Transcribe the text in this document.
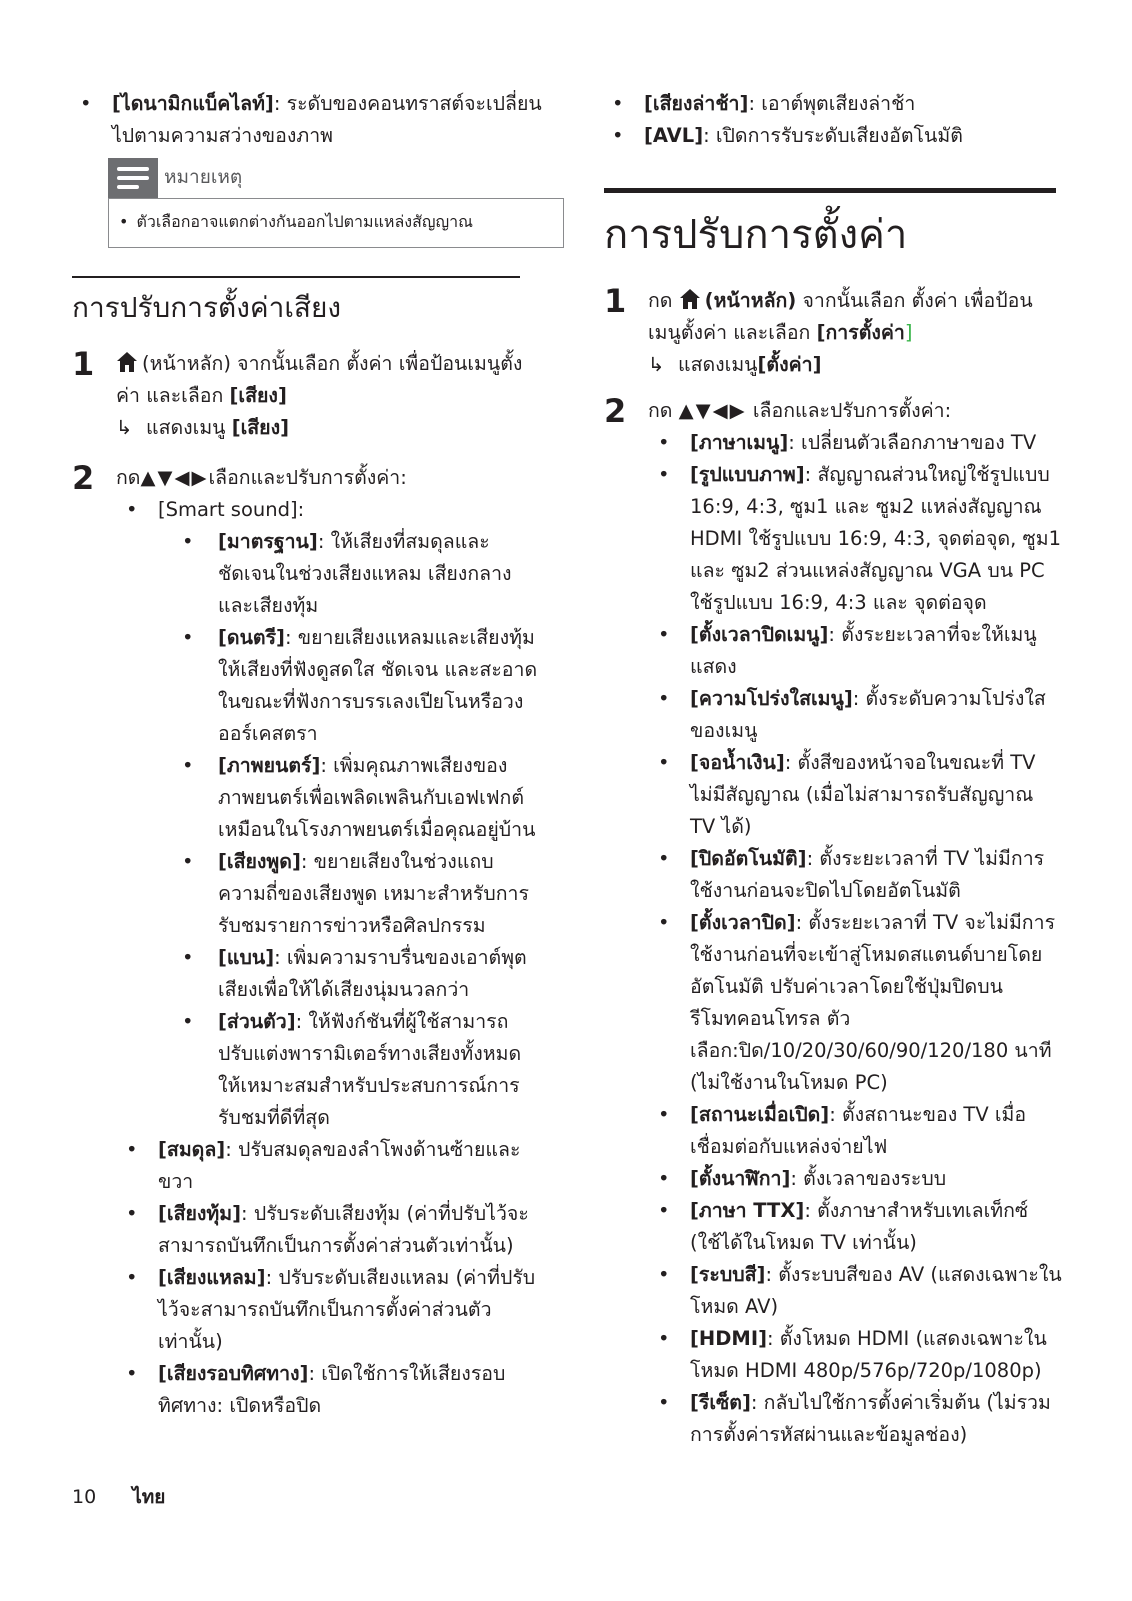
• [ไดนามิกแบ็คไลท์]: ระดับของคอนทราสต์จะเปลี่ยนไปตามความสว่างของภาพ
หมายเหตุ
• ตัวเลือกอาจแตกต่างกันออกไปตามแหล่งสัญญาณ
การปรับการตั้งค่าเสียง
1	(หน้าหลัก) จากนั้นเลือก ตั้งค่า เพื่อป้อนเมนูตั้งค่า และเลือก [เสียง]
↳ แสดงเมนู [เสียง]
2 กด▲▼◀▶เลือกและปรับการตั้งค่า:
• [Smart sound]:
• [มาตรฐาน]: ให้เสียงที่สมดุลและชัดเจนในช่วงเสียงแหลม เสียงกลาง และเสียงทุ้ม
• [ดนตรี]: ขยายเสียงแหลมและเสียงทุ้ม ให้เสียงที่ฟังดูสดใส ชัดเจน และสะอาดในขณะที่ฟังการบรรเลงเปียโนหรือวงออร์เคสตรา
• [ภาพยนตร์]: เพิ่มคุณภาพเสียงของภาพยนตร์เพื่อเพลิดเพลินกับเอฟเฟกต์เหมือนในโรงภาพยนตร์เมื่อคุณอยู่บ้าน
• [เสียงพูด]: ขยายเสียงในช่วงแถบความถี่ของเสียงพูด เหมาะสำหรับการรับชมรายการข่าวหรือศิลปกรรม
• [แบน]: เพิ่มความราบรื่นของเอาต์พุตเสียงเพื่อให้ได้เสียงนุ่มนวลกว่า
• [ส่วนตัว]: ให้ฟังก์ชันที่ผู้ใช้สามารถปรับแต่งพารามิเตอร์ทางเสียงทั้งหมดให้เหมาะสมสำหรับประสบการณ์การรับชมที่ดีที่สุด
• [สมดุล]: ปรับสมดุลของลำโพงด้านซ้ายและขวา
• [เสียงทุ้ม]: ปรับระดับเสียงทุ้ม (ค่าที่ปรับไว้จะสามารถบันทึกเป็นการตั้งค่าส่วนตัวเท่านั้น)
• [เสียงแหลม]: ปรับระดับเสียงแหลม (ค่าที่ปรับไว้จะสามารถบันทึกเป็นการตั้งค่าส่วนตัวเท่านั้น)
• [เสียงรอบทิศทาง]: เปิดใช้การให้เสียงรอบทิศทาง: เปิดหรือปิด
• [เสียงล่าช้า]: เอาต์พุตเสียงล่าช้า
• [AVL]: เปิดการรับระดับเสียงอัตโนมัติ
การปรับการตั้งค่า
1 กด (หน้าหลัก) จากนั้นเลือก ตั้งค่า เพื่อป้อนเมนูตั้งค่า และเลือก [การตั้งค่า]
↳ แสดงเมนู[ตั้งค่า]
2 กด ▲▼◀▶ เลือกและปรับการตั้งค่า:
• [ภาษาเมนู]: เปลี่ยนตัวเลือกภาษาของ TV
• [รูปแบบภาพ]: สัญญาณส่วนใหญ่ใช้รูปแบบ 16:9, 4:3, ซูม1 และ ซูม2 แหล่งสัญญาณ HDMI ใช้รูปแบบ 16:9, 4:3, จุดต่อจุด, ซูม1 และ ซูม2 ส่วนแหล่งสัญญาณ VGA บน PC ใช้รูปแบบ 16:9, 4:3 และ จุดต่อจุด
• [ตั้งเวลาปิดเมนู]: ตั้งระยะเวลาที่จะให้เมนูแสดง
• [ความโปร่งใสเมนู]: ตั้งระดับความโปร่งใสของเมนู
• [จอน้ำเงิน]: ตั้งสีของหน้าจอในขณะที่ TV ไม่มีสัญญาณ (เมื่อไม่สามารถรับสัญญาณ TV ได้)
• [ปิดอัตโนมัติ]: ตั้งระยะเวลาที่ TV ไม่มีการใช้งานก่อนจะปิดไปโดยอัตโนมัติ
• [ตั้งเวลาปิด]: ตั้งระยะเวลาที่ TV จะไม่มีการใช้งานก่อนที่จะเข้าสู่โหมดสแตนด์บายโดยอัตโนมัติ ปรับค่าเวลาโดยใช้ปุ่มปิดบนรีโมทคอนโทรล ตัวเลือก:ปิด/10/20/30/60/90/120/180 นาที (ไม่ใช้งานในโหมด PC)
• [สถานะเมื่อเปิด]: ตั้งสถานะของ TV เมื่อเชื่อมต่อกับแหล่งจ่ายไฟ
• [ตั้งนาฬิกา]: ตั้งเวลาของระบบ
• [ภาษา TTX]: ตั้งภาษาสำหรับเทเลเท็กซ์ (ใช้ได้ในโหมด TV เท่านั้น)
• [ระบบสี]: ตั้งระบบสีของ AV (แสดงเฉพาะในโหมด AV)
• [HDMI]: ตั้งโหมด HDMI (แสดงเฉพาะในโหมด HDMI 480p/576p/720p/1080p)
• [รีเซ็ต]: กลับไปใช้การตั้งค่าเริ่มต้น (ไม่รวมการตั้งค่ารหัสผ่านและข้อมูลช่อง)
10 ไทย
